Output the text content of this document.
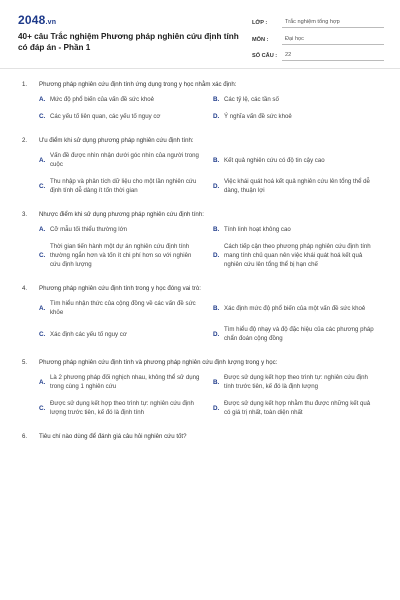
2048.vn
40+ câu Trắc nghiệm Phương pháp nghiên cứu định tính có đáp án - Phần 1
LỚP :	Trắc nghiệm tổng hợp
MÔN :	Đại học
SỐ CÂU :	22
1.	Phương pháp nghiên cứu định tính ứng dụng trong y học nhằm xác định:
A. Mức độ phổ biến của vấn đề sức khoẻ	B. Các tỷ lệ, các tần số
C. Các yếu tố liên quan, các yếu tố nguy cơ	D. Ý nghĩa vấn đề sức khoẻ
2.	Ưu điểm khi sử dụng phương pháp nghiên cứu định tính:
A.
Vấn đề được nhìn nhận dưới góc nhìn của người trong cuộc
B. Kết quả nghiên cứu có độ tin cậy cao
C.
Thu nhập và phân tích dữ liệu cho một lần nghiên cứu định tính dễ dàng ít tốn thời gian
D.
Việc khái quát hoá kết quả nghiên cứu lên tổng thể dễ dàng, thuận lợi
3.	Nhược điểm khi sử dụng phương pháp nghiên cứu định tính:
A. Cỡ mẫu tối thiểu thường lớn	B. Tính linh hoạt không cao
C.
Thời gian tiến hành một dự án nghiên cứu định tính thường ngắn hơn và tốn ít chi phí hơn so với nghiên cứu định lượng
D.
Cách tiếp cận theo phương pháp nghiên cứu định tính mang tính chủ quan nên việc khái quát hoá kết quả nghiên cứu lên tổng thể bị hạn chế
4.	Phương pháp nghiên cứu định tính trong y học đóng vai trò:
A.
Tìm hiểu nhận thức của cộng đồng về các vấn đề sức khỏe
B. Xác định mức độ phổ biến của một vấn đề sức khoẻ
C. Xác định các yếu tố nguy cơ	D.
Tìm hiểu độ nhạy và độ đặc hiệu của các phương pháp chẩn đoán cộng đồng
5.	Phương pháp nghiên cứu định tính và phương pháp nghiên cứu định lượng trong y học:
A.
Là 2 phương pháp đối nghịch nhau, không thể sử dụng trong cùng 1 nghiên cứu
B.
Được sử dụng kết hợp theo trình tự: nghiên cứu định tính trước tiên, kế đó là định lượng
C.
Được sử dụng kết hợp theo trình tự: nghiên cứu định lượng trước tiên, kế đó là định tính
D.
Được sử dụng kết hợp nhằm thu được những kết quả có giá trị nhất, toàn diện nhất
6.	Tiêu chí nào dùng để đánh giá câu hỏi nghiên cứu tốt?
